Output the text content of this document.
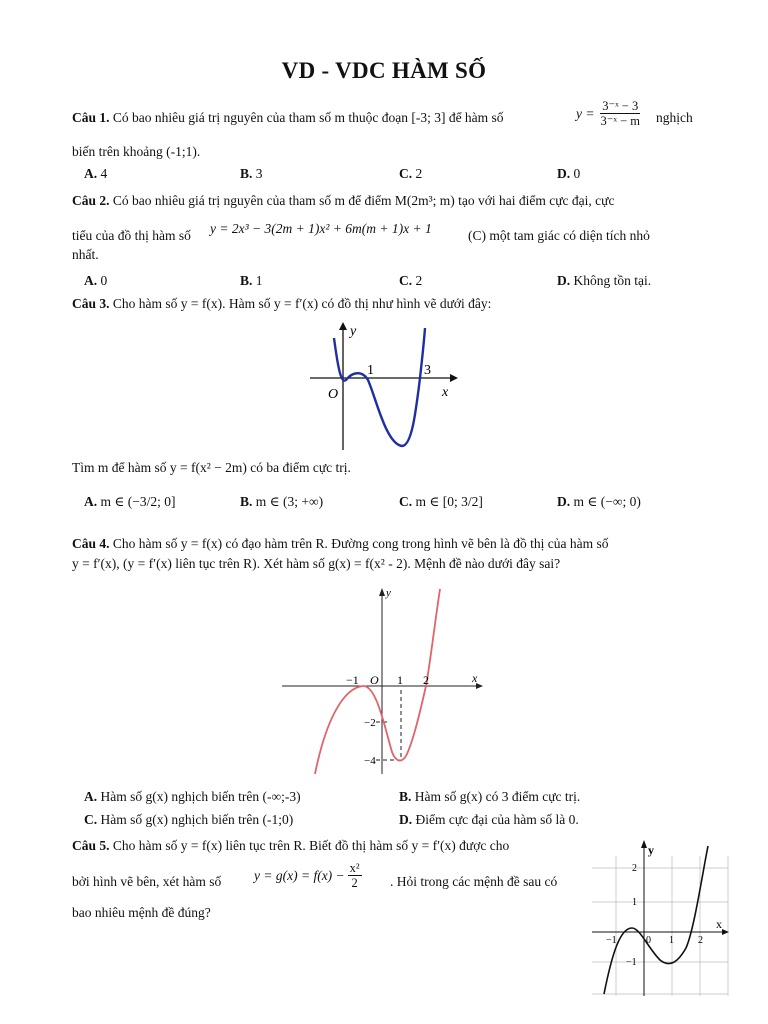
VD - VDC HÀM SỐ
Câu 1. Có bao nhiêu giá trị nguyên của tham số m thuộc đoạn [-3; 3] để hàm số	$y = \frac{\text{3⁻ˣ − 3}}{\text{3⁻ˣ − m}}$ nghịch
biến trên khoảng (-1;1).
A. 4	B. 3	C. 2	D. 0
Câu 2. Có bao nhiêu giá trị nguyên của tham số m để điểm M(2m³; m) tạo với hai điểm cực đại, cực
tiểu của đồ thị hàm số y = 2x³ − 3(2m + 1)x² + 6m(m + 1)x + 1	(C) một tam giác có diện tích nhỏ
nhất.
A. 0	B. 1	C. 2	D. Không tồn tại.
Câu 3. Cho hàm số y = f(x). Hàm số y = f′(x) có đồ thị như hình vẽ dưới đây:
y
x
O
1	3
Tìm m để hàm số y = f(x² − 2m) có ba điểm cực trị.
A. m ∈ (−3/2; 0]	B. m ∈ (3; +∞)	C. m ∈ [0; 3/2]	D. m ∈ (−∞; 0)
Câu 4. Cho hàm số y = f(x) có đạo hàm trên R. Đường cong trong hình vẽ bên là đồ thị của hàm số
y = f′(x), (y = f′(x) liên tục trên R). Xét hàm số g(x) = f(x² - 2). Mệnh đề nào dưới đây sai?
y
x
O
−1	1 2
−2
−4
A. Hàm số g(x) nghịch biến trên (-∞;-3)	B. Hàm số g(x) có 3 điểm cực trị.
C. Hàm số g(x) nghịch biến trên (-1;0)	D. Điểm cực đại của hàm số là 0.
Câu 5. Cho hàm số y = f(x) liên tục trên R. Biết đồ thị hàm số y = f′(x) được cho
bởi hình vẽ bên, xét hàm số $y = g(x) = f(x) - \frac{\text{x²}}{2}$ . Hỏi trong các mệnh đề sau có
bao nhiêu mệnh đề đúng?
y
x
2
1
−1
−1	0 1 2
